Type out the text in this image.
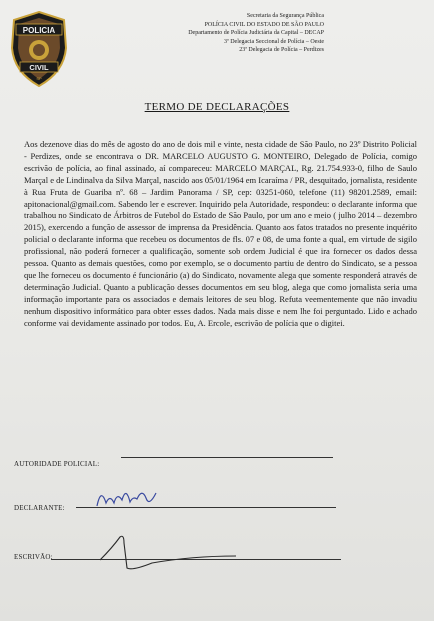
POLICIA
CIVIL
SP
Secretaria da Segurança Pública
POLÍCIA CIVIL DO ESTADO DE SÃO PAULO
Departamento de Polícia Judiciária da Capital – DECAP
3ª Delegacia Seccional de Polícia – Oeste
23ª Delegacia de Polícia – Perdizes
TERMO DE DECLARAÇÕES
Aos dezenove dias do mês de agosto do ano de dois mil e vinte, nesta cidade de São Paulo, no 23º Distrito Policial - Perdizes, onde se encontrava o DR. MARCELO AUGUSTO G. MONTEIRO, Delegado de Polícia, comigo escrivão de polícia, ao final assinado, aí compareceu: MARCELO MARÇAL, Rg. 21.754.933-0, filho de Saulo Marçal e de Lindinalva da Silva Marçal, nascido aos 05/01/1964 em Icaraíma / PR, desquitado, jornalista, residente à Rua Fruta de Guariba nº. 68 – Jardim Panorama / SP, cep: 03251-060, telefone (11) 98201.2589, email: apitonacional@gmail.com. Sabendo ler e escrever. Inquirido pela Autoridade, respondeu: o declarante informa que trabalhou no Sindicato de Árbitros de Futebol do Estado de São Paulo, por um ano e meio ( julho 2014 – dezembro 2015), exercendo a função de assessor de imprensa da Presidência. Quanto aos fatos tratados no presente inquérito policial o declarante informa que recebeu os documentos de fls. 07 e 08, de uma fonte a qual, em virtude de sigilo profissional, não poderá fornecer a qualificação, somente sob ordem Judicial é que ira fornecer os dados dessa pessoa. Quanto as demais questões, como por exemplo, se o documento partiu de dentro do Sindicato, se a pessoa que lhe forneceu os documento é funcionário (a) do Sindicato, novamente alega que somente responderá através de determinação Judicial. Quanto a publicação desses documentos em seu blog, alega que como jornalista seria uma informação importante para os associados e demais leitores de seu blog. Refuta veementemente que não invadiu nenhum dispositivo informático para obter esses dados. Nada mais disse e nem lhe foi perguntado. Lido e achado conforme vai devidamente assinado por todos. Eu, A. Ercole, escrivão de polícia que o digitei.
AUTORIDADE POLICIAL:
DECLARANTE:
ESCRIVÃO:
